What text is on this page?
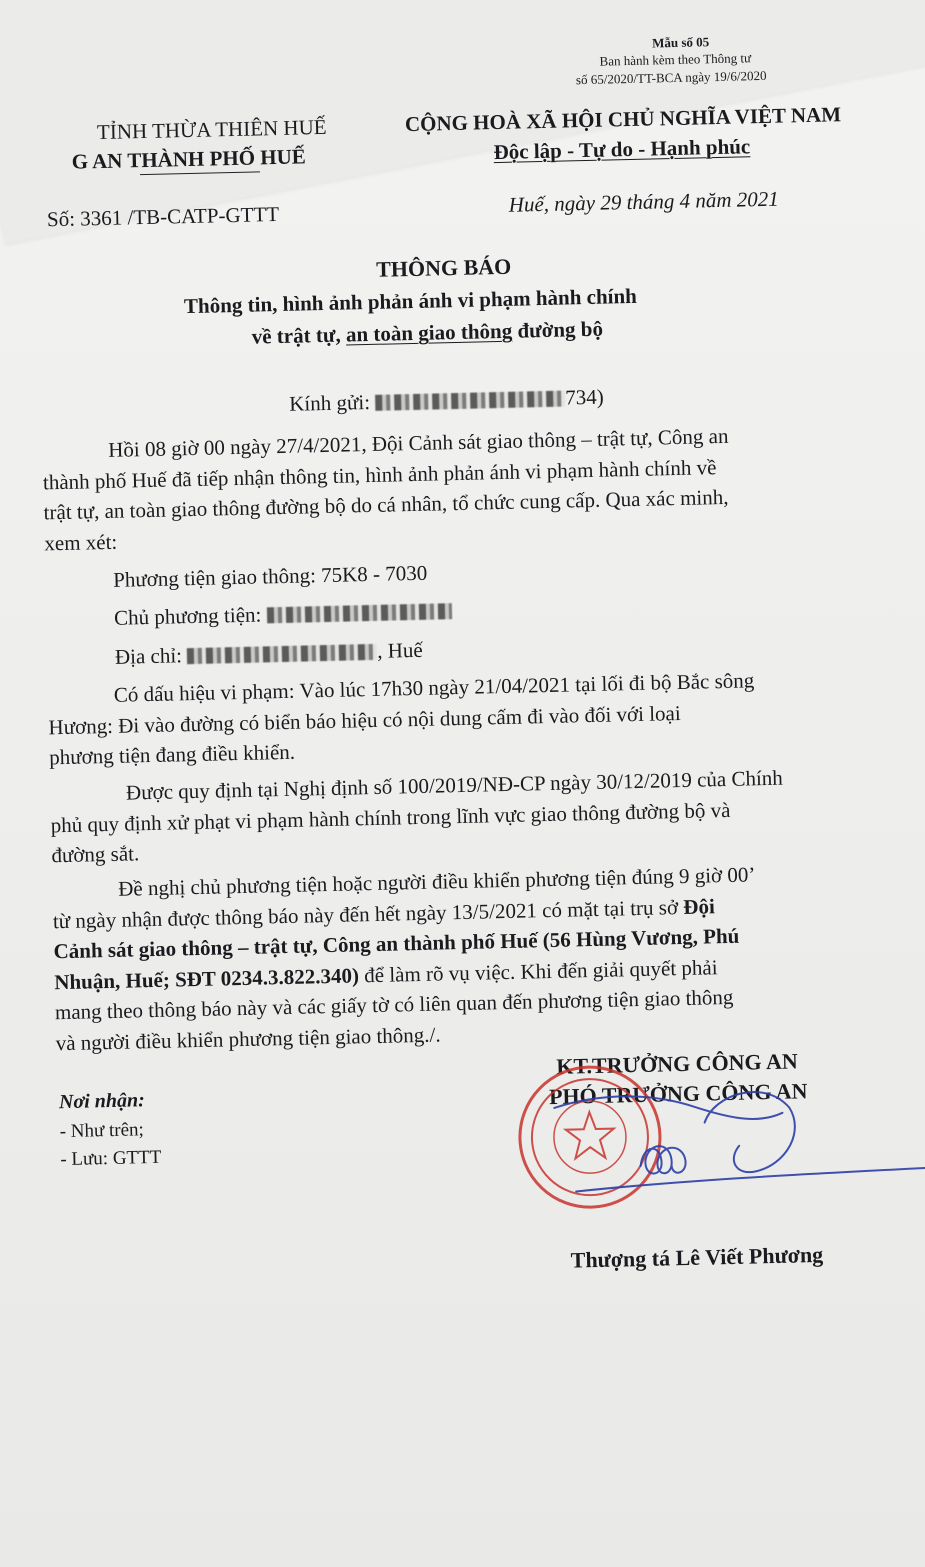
Mẫu số 05
Ban hành kèm theo Thông tư
số 65/2020/TT-BCA ngày 19/6/2020
TỈNH THỪA THIÊN HUẾ
G AN THÀNH PHỐ HUẾ
CỘNG HOÀ XÃ HỘI CHỦ NGHĨA VIỆT NAM
Độc lập - Tự do - Hạnh phúc
Số: 3361 /TB-CATP-GTTT	Huế, ngày 29 tháng 4 năm 2021
THÔNG BÁO
Thông tin, hình ảnh phản ánh vi phạm hành chính
về trật tự, an toàn giao thông đường bộ
Kính gửi:	734)

Hồi 08 giờ 00 ngày 27/4/2021, Đội Cảnh sát giao thông – trật tự, Công an

thành phố Huế đã tiếp nhận thông tin, hình ảnh phản ánh vi phạm hành chính về

trật tự, an toàn giao thông đường bộ do cá nhân, tổ chức cung cấp. Qua xác minh,

xem xét:

Phương tiện giao thông: 75K8 - 7030
Chủ phương tiện:
Địa chỉ:	, Huế

Có dấu hiệu vi phạm: Vào lúc 17h30 ngày 21/04/2021 tại lối đi bộ Bắc sông

Hương: Đi vào đường có biển báo hiệu có nội dung cấm đi vào đối với loại

phương tiện đang điều khiển.

Được quy định tại Nghị định số 100/2019/NĐ-CP ngày 30/12/2019 của Chính

phủ quy định xử phạt vi phạm hành chính trong lĩnh vực giao thông đường bộ và

đường sắt.

Đề nghị chủ phương tiện hoặc người điều khiển phương tiện đúng 9 giờ 00’

từ ngày nhận được thông báo này đến hết ngày 13/5/2021 có mặt tại trụ sở Đội

Cảnh sát giao thông – trật tự, Công an thành phố Huế (56 Hùng Vương, Phú

Nhuận, Huế; SĐT 0234.3.822.340) để làm rõ vụ việc. Khi đến giải quyết phải

mang theo thông báo này và các giấy tờ có liên quan đến phương tiện giao thông

và người điều khiển phương tiện giao thông./.

Nơi nhận:
- Như trên;
- Lưu: GTTT
KT.TRƯỞNG CÔNG AN
PHÓ TRƯỞNG CÔNG AN
Thượng tá Lê Viết Phương
